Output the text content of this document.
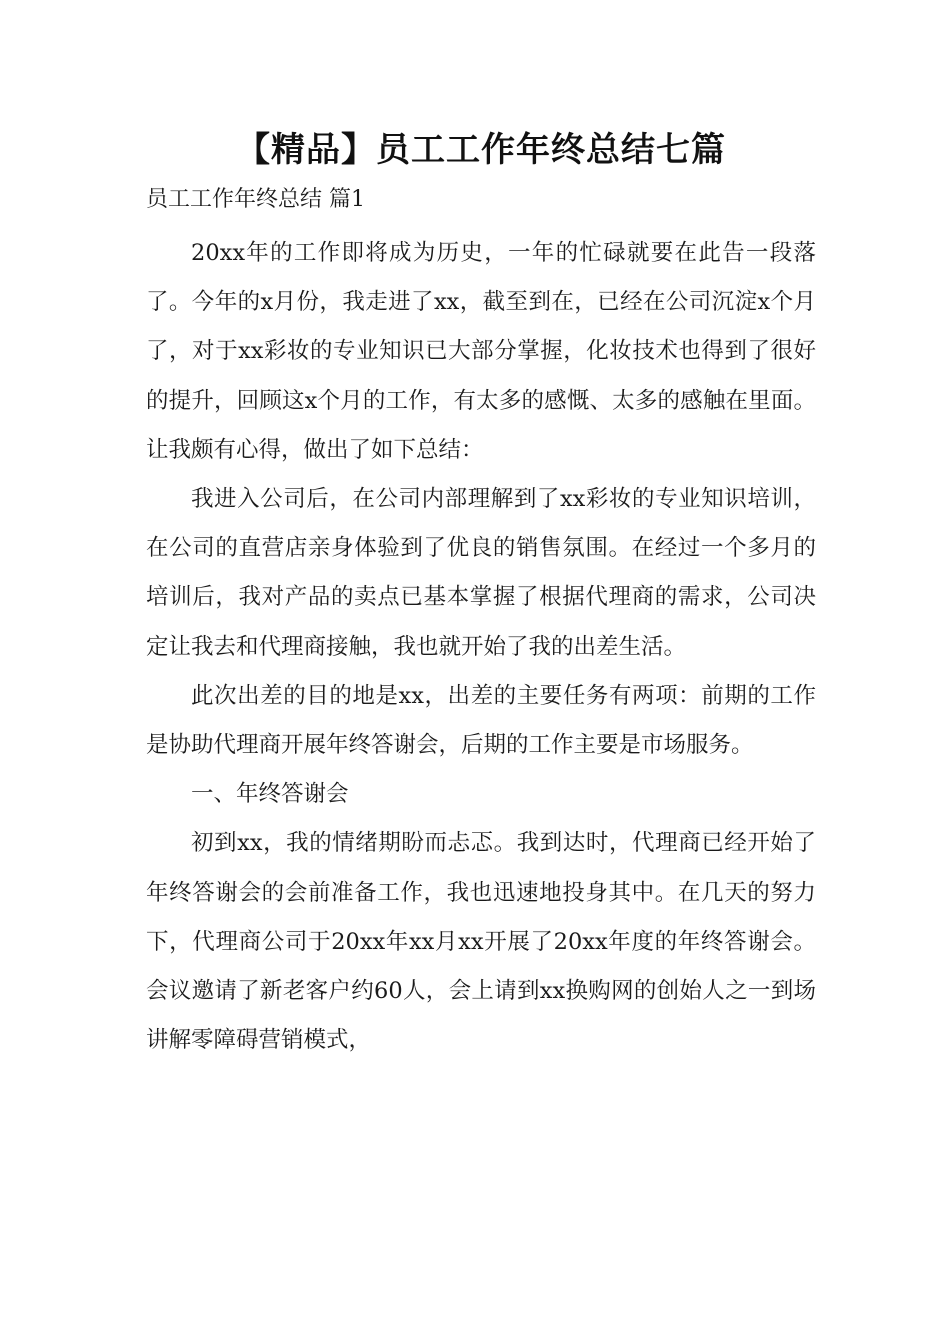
【精品】员工工作年终总结七篇
员工工作年终总结 篇1

20xx年的工作即将成为历史，一年的忙碌就要在此告一段落了。今年的x月份，我走进了xx，截至到在，已经在公司沉淀x个月了，对于xx彩妆的专业知识已大部分掌握，化妆技术也得到了很好的提升，回顾这x个月的工作，有太多的感慨、太多的感触在里面。让我颇有心得，做出了如下总结：

我进入公司后，在公司内部理解到了xx彩妆的专业知识培训，在公司的直营店亲身体验到了优良的销售氛围。在经过一个多月的培训后，我对产品的卖点已基本掌握了根据代理商的需求，公司决定让我去和代理商接触，我也就开始了我的出差生活。

此次出差的目的地是xx，出差的主要任务有两项：前期的工作是协助代理商开展年终答谢会，后期的工作主要是市场服务。

一、年终答谢会

初到xx，我的情绪期盼而忐忑。我到达时，代理商已经开始了年终答谢会的会前准备工作，我也迅速地投身其中。在几天的努力下，代理商公司于20xx年xx月xx开展了20xx年度的年终答谢会。会议邀请了新老客户约60人，会上请到xx换购网的创始人之一到场讲解零障碍营销模式，
